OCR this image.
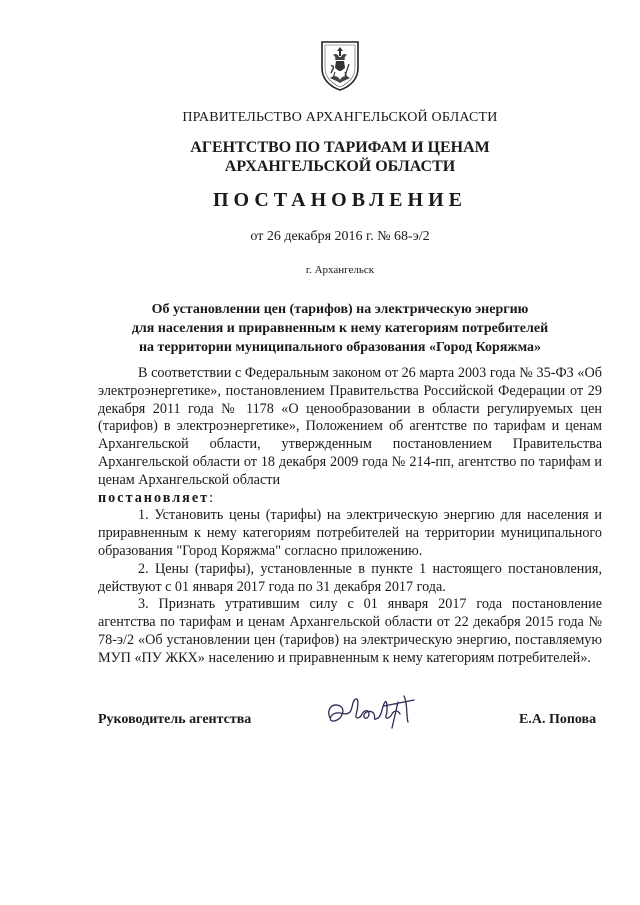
ПРАВИТЕЛЬСТВО АРХАНГЕЛЬСКОЙ ОБЛАСТИ
АГЕНТСТВО ПО ТАРИФАМ И ЦЕНАМ
АРХАНГЕЛЬСКОЙ ОБЛАСТИ
ПОСТАНОВЛЕНИЕ
от 26 декабря 2016 г. № 68-э/2
г. Архангельск
Об установлении цен (тарифов) на электрическую энергию
для населения и приравненным к нему категориям потребителей
на территории муниципального образования «Город Коряжма»

В соответствии с Федеральным законом от 26 марта 2003 года № 35-ФЗ «Об электроэнергетике», постановлением Правительства Российской Федерации от 29 декабря 2011 года № 1178 «О ценообразовании в области регулируемых цен (тарифов) в электроэнергетике», Положением об агентстве по тарифам и ценам Архангельской области, утвержденным постановлением Правительства Архангельской области от 18 декабря 2009 года № 214-пп, агентство по тарифам и ценам Архангельской области

постановляет:

1. Установить цены (тарифы) на электрическую энергию для населения и приравненным к нему категориям потребителей на территории муниципального образования "Город Коряжма" согласно приложению.

2. Цены (тарифы), установленные в пункте 1 настоящего постановления, действуют с 01 января 2017 года по 31 декабря 2017 года.

3. Признать утратившим силу с 01 января 2017 года постановление агентства по тарифам и ценам Архангельской области от 22 декабря 2015 года № 78-э/2 «Об установлении цен (тарифов) на электрическую энергию, поставляемую МУП «ПУ ЖКХ» населению и приравненным к нему категориям потребителей».

Руководитель агентства	Е.А. Попова
